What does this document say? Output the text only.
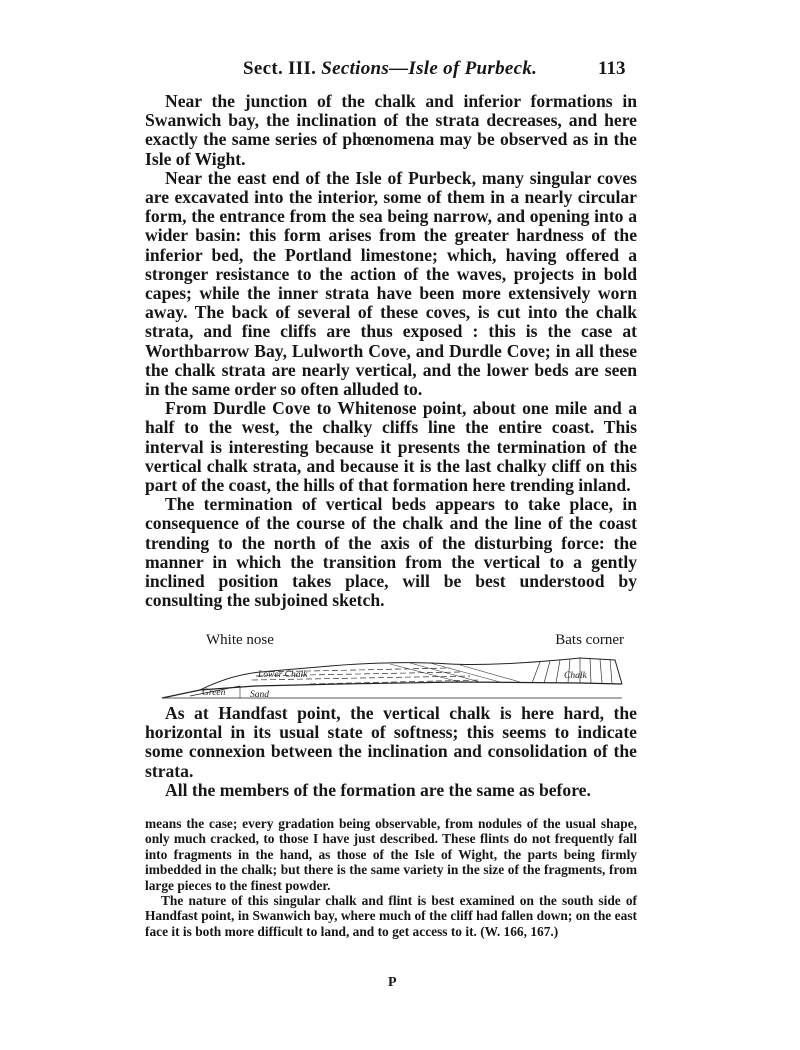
Sect. III. Sections—Isle of Purbeck.	113

Near the junction of the chalk and inferior formations in Swanwich bay, the inclination of the strata decreases, and here exactly the same series of phœnomena may be observed as in the Isle of Wight.

Near the east end of the Isle of Purbeck, many singular coves are excavated into the interior, some of them in a nearly circular form, the entrance from the sea being narrow, and opening into a wider basin: this form arises from the greater hardness of the inferior bed, the Portland limestone; which, having offered a stronger resistance to the action of the waves, projects in bold capes; while the inner strata have been more extensively worn away. The back of several of these coves, is cut into the chalk strata, and fine cliffs are thus exposed : this is the case at Worthbarrow Bay, Lulworth Cove, and Durdle Cove; in all these the chalk strata are nearly vertical, and the lower beds are seen in the same order so often alluded to.

From Durdle Cove to Whitenose point, about one mile and a half to the west, the chalky cliffs line the entire coast. This interval is interesting because it presents the termination of the vertical chalk strata, and because it is the last chalky cliff on this part of the coast, the hills of that formation here trending inland.

The termination of vertical beds appears to take place, in consequence of the course of the chalk and the line of the coast trending to the north of the axis of the disturbing force: the manner in which the transition from the vertical to a gently inclined position takes place, will be best understood by consulting the subjoined sketch.

White nose	Bats corner
Lower Chalk
Green	Sand
Chalk

As at Handfast point, the vertical chalk is here hard, the horizontal in its usual state of softness; this seems to indicate some connexion between the inclination and consolidation of the strata.

All the members of the formation are the same as before.

means the case; every gradation being observable, from nodules of the usual shape, only much cracked, to those I have just described. These flints do not frequently fall into fragments in the hand, as those of the Isle of Wight, the parts being firmly imbedded in the chalk; but there is the same variety in the size of the fragments, from large pieces to the finest powder.

The nature of this singular chalk and flint is best examined on the south side of Handfast point, in Swanwich bay, where much of the cliff had fallen down; on the east face it is both more difficult to land, and to get access to it. (W. 166, 167.)

P
